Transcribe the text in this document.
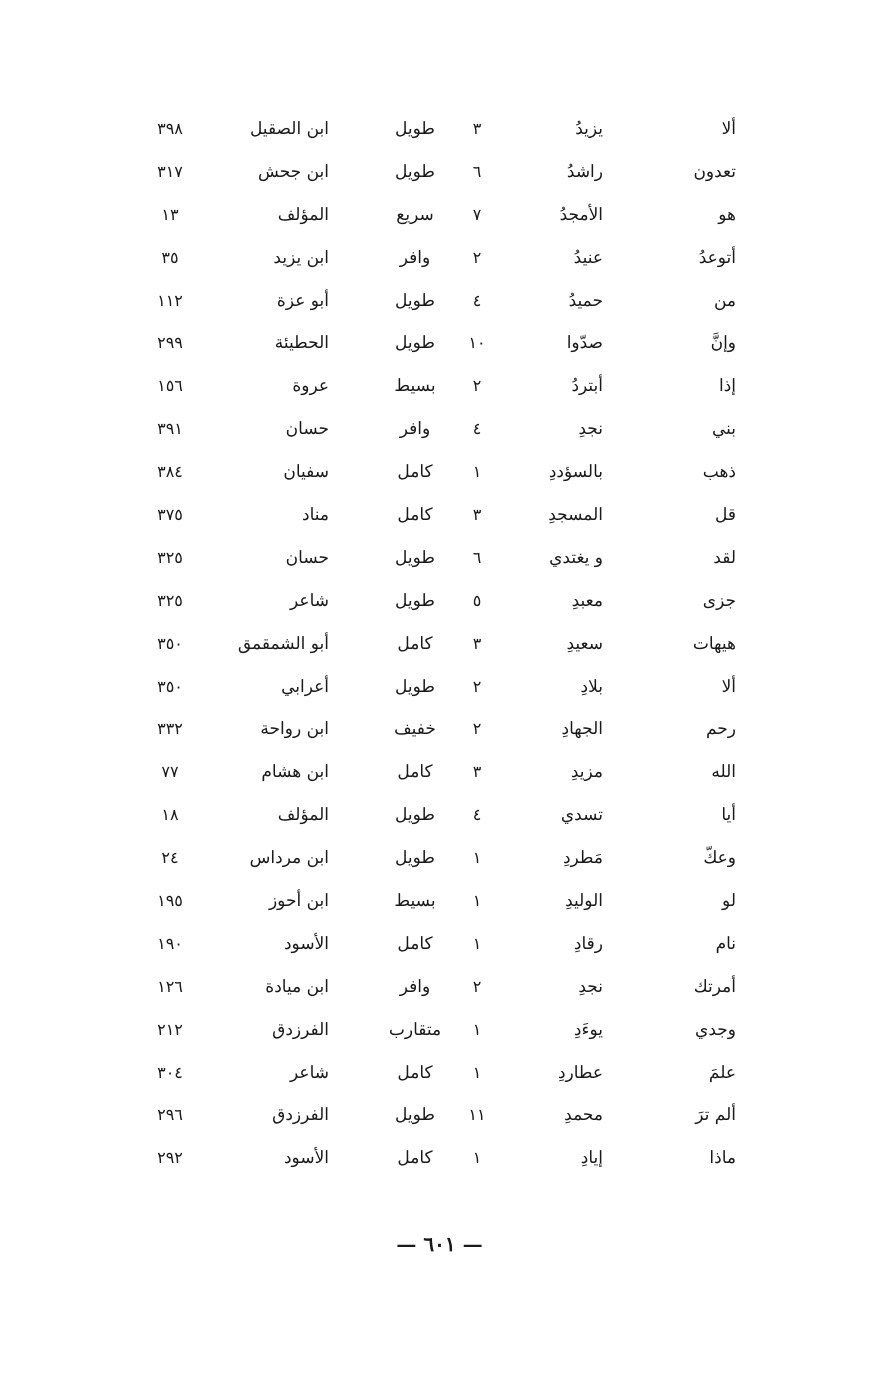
ألا
يزيدُ
٣
طويل
ابن الصقيل
٣٩٨
تعدون
راشدُ
٦
طويل
ابن جحش
٣١٧
هو
الأمجدُ
٧
سريع
المؤلف
١٣
أتوعدُ
عنيدُ
٢
وافر
ابن يزيد
٣٥
من
حميدُ
٤
طويل
أبو عزة
١١٢
وإنَّ
صدّوا
١٠
طويل
الحطيئة
٢٩٩
إذا
أبتردُ
٢
بسيط
عروة
١٥٦
بني
نجدِ
٤
وافر
حسان
٣٩١
ذهب
بالسؤددِ
١
كامل
سفيان
٣٨٤
قل
المسجدِ
٣
كامل
مناد
٣٧٥
لقد
و يغتدي
٦
طويل
حسان
٣٢٥
جزى
معبدِ
٥
طويل
شاعر
٣٢٥
هيهات
سعيدِ
٣
كامل
أبو الشمقمق
٣٥٠
ألا
بلادِ
٢
طويل
أعرابي
٣٥٠
رحم
الجهادِ
٢
خفيف
ابن رواحة
٣٣٢
الله
مزيدِ
٣
كامل
ابن هشام
٧٧
أيا
تسدي
٤
طويل
المؤلف
١٨
وعكّ
مَطردِ
١
طويل
ابن مرداس
٢٤
لو
الوليدِ
١
بسيط
ابن أحوز
١٩٥
نام
رقادِ
١
كامل
الأسود
١٩٠
أمرتك
نجدِ
٢
وافر
ابن ميادة
١٢٦
وجدي
يوءَدِ
١
متقارب
الفرزدق
٢١٢
علمَ
عطاردِ
١
كامل
شاعر
٣٠٤
ألم ترَ
محمدِ
١١
طويل
الفرزدق
٢٩٦
ماذا
إيادِ
١
كامل
الأسود
٢٩٢
— ٦٠١ —
